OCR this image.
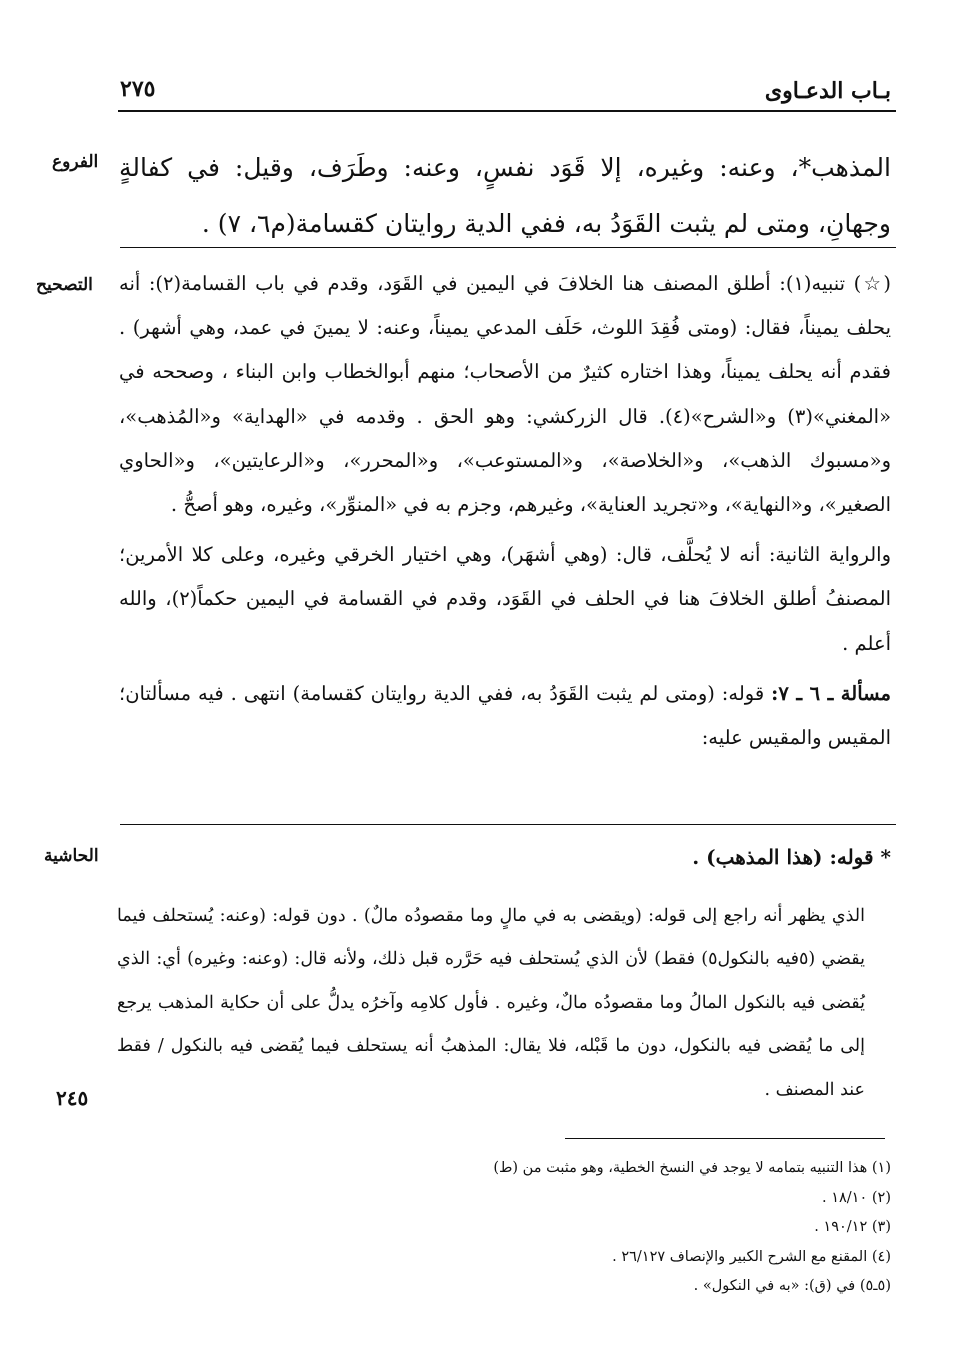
بـاب الدعـاوى
٢٧٥
الفروع المذهب*، وعنه: وغيره، إلا قَوَد نفسٍ، وعنه: وطَرَف، وقيل: في كفالةٍ وجهانِ، ومتى لم يثبت القَوَدُ به، ففي الدية روايتان كقسامة(م٦، ٧) .
التصحيح (☆) تنبيه(١): أطلق المصنف هنا الخلافَ في اليمين في القَوَد، وقدم في باب القسامة(٢): أنه يحلف يميناً، فقال: (ومتى فُقِدَ اللوث، حَلَف المدعي يميناً، وعنه: لا يمينَ في عمد، وهي أشهر) . فقدم أنه يحلف يميناً، وهذا اختاره كثيرٌ من الأصحاب؛ منهم أبوالخطاب وابن البناء ، وصححه في «المغني»(٣) و«الشرح»(٤). قال الزركشي: وهو الحق . وقدمه في «الهداية» و«المُذهب»، و«مسبوك الذهب»، و«الخلاصة»، و«المستوعب»، و«المحرر»، و«الرعايتين»، و«الحاوي الصغير»، و«النهاية»، و«تجريد العناية»، وغيرهم، وجزم به في «المنوِّر»، وغيره، وهو أصحُّ .

والرواية الثانية: أنه لا يُحلَّف، قال: (وهي أشهَر)، وهي اختيار الخرقي وغيره، وعلى كلا الأمرين؛ المصنفُ أطلق الخلافَ هنا في الحلف في القَوَد، وقدم في القسامة في اليمين حكماً(٢)، والله أعلم .

مسألة ـ ٦ ـ ٧: قوله: (ومتى لم يثبت القَوَدُ به، ففي الدية روايتان كقسامة) انتهى . فيه مسألتان؛ المقيس والمقيس عليه:

الحاشية	* قوله: (هذا المذهب) .
الذي يظهر أنه راجع إلى قوله: (ويقضى به في مالٍ وما مقصودُه مالٌ) . دون قوله: (وعنه: يُستحلف فيما يقضي (٥فيه بالنكول٥) فقط) لأن الذي يُستحلف فيه حَرَّره قبل ذلك، ولأنه قال: (وعنه: وغيره) أي: الذي يُقضى فيه بالنكول المالُ وما مقصودُه مالٌ، وغيره . فأول كلامِه وآخرُه يدلُّ على أن حكاية المذهب يرجع إلى ما يُقضى فيه بالنكول، دون ما قَبْله، فلا يقال: المذهبُ أنه يستحلف فيما يُقضى فيه بالنكول / فقط عند المصنف .
٢٤٥
(١) هذا التنبيه بتمامه لا يوجد في النسخ الخطية، وهو مثبت من (ط)
(٢) ١٨/١٠ .
(٣) ١٩٠/١٢ .
(٤) المقنع مع الشرح الكبير والإنصاف ٢٦/١٢٧ .
(٥ـ٥) في (ق): «به في النكول» .
